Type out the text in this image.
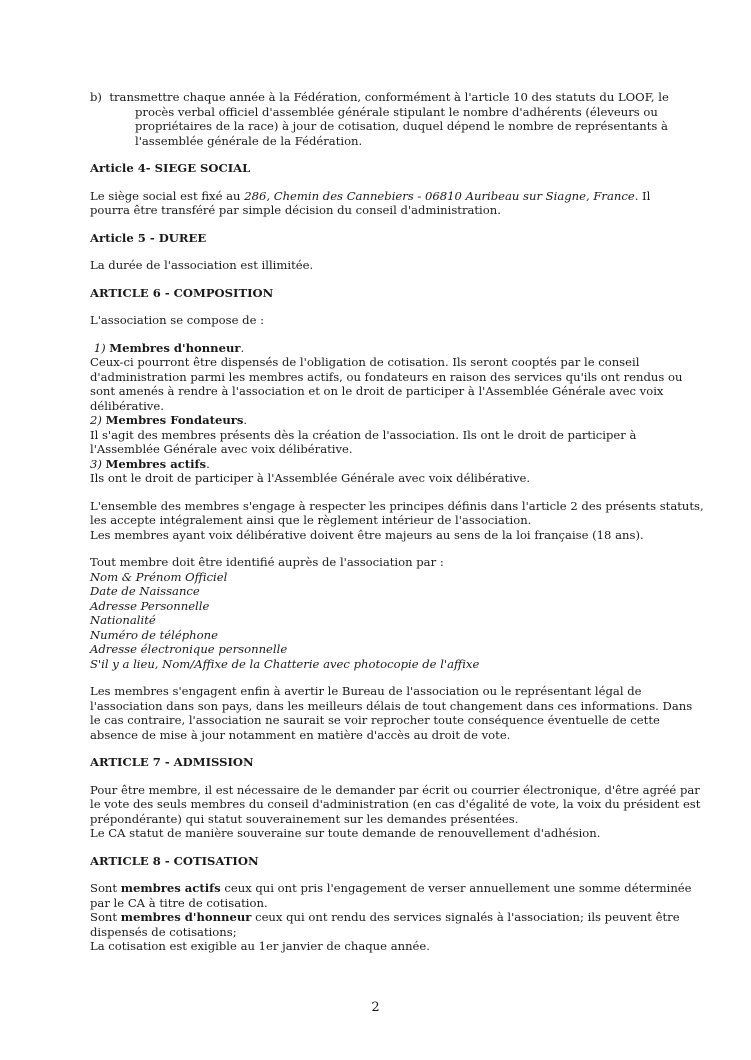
b) transmettre chaque année à la Fédération, conformément à l'article 10 des statuts du LOOF, le
procès verbal officiel d'assemblée générale stipulant le nombre d'adhérents (éleveurs ou
propriétaires de la race) à jour de cotisation, duquel dépend le nombre de représentants à
l'assemblée générale de la Fédération.
Article 4- SIEGE SOCIAL
Le siège social est fixé au 286, Chemin des Cannebiers - 06810 Auribeau sur Siagne, France. Il
pourra être transféré par simple décision du conseil d'administration.
Article 5 - DUREE
La durée de l'association est illimitée.
ARTICLE 6 - COMPOSITION
L'association se compose de :
1) Membres d'honneur.
Ceux-ci pourront être dispensés de l'obligation de cotisation. Ils seront cooptés par le conseil
d'administration parmi les membres actifs, ou fondateurs en raison des services qu'ils ont rendus ou
sont amenés à rendre à l'association et on le droit de participer à l'Assemblée Générale avec voix
délibérative.
2) Membres Fondateurs.
Il s'agit des membres présents dès la création de l'association. Ils ont le droit de participer à
l'Assemblée Générale avec voix délibérative.
3) Membres actifs.
Ils ont le droit de participer à l'Assemblée Générale avec voix délibérative.
L'ensemble des membres s'engage à respecter les principes définis dans l'article 2 des présents statuts,
les accepte intégralement ainsi que le règlement intérieur de l'association.
Les membres ayant voix délibérative doivent être majeurs au sens de la loi française (18 ans).
Tout membre doit être identifié auprès de l'association par :
Nom & Prénom Officiel
Date de Naissance
Adresse Personnelle
Nationalité
Numéro de téléphone
Adresse électronique personnelle
S'il y a lieu, Nom/Affixe de la Chatterie avec photocopie de l'affixe
Les membres s'engagent enfin à avertir le Bureau de l'association ou le représentant légal de
l'association dans son pays, dans les meilleurs délais de tout changement dans ces informations. Dans
le cas contraire, l'association ne saurait se voir reprocher toute conséquence éventuelle de cette
absence de mise à jour notamment en matière d'accès au droit de vote.
ARTICLE 7 - ADMISSION
Pour être membre, il est nécessaire de le demander par écrit ou courrier électronique, d'être agréé par
le vote des seuls membres du conseil d'administration (en cas d'égalité de vote, la voix du président est
prépondérante) qui statut souverainement sur les demandes présentées.
Le CA statut de manière souveraine sur toute demande de renouvellement d'adhésion.
ARTICLE 8 - COTISATION
Sont membres actifs ceux qui ont pris l'engagement de verser annuellement une somme déterminée
par le CA à titre de cotisation.
Sont membres d'honneur ceux qui ont rendu des services signalés à l'association; ils peuvent être
dispensés de cotisations;
La cotisation est exigible au 1er janvier de chaque année.
2
